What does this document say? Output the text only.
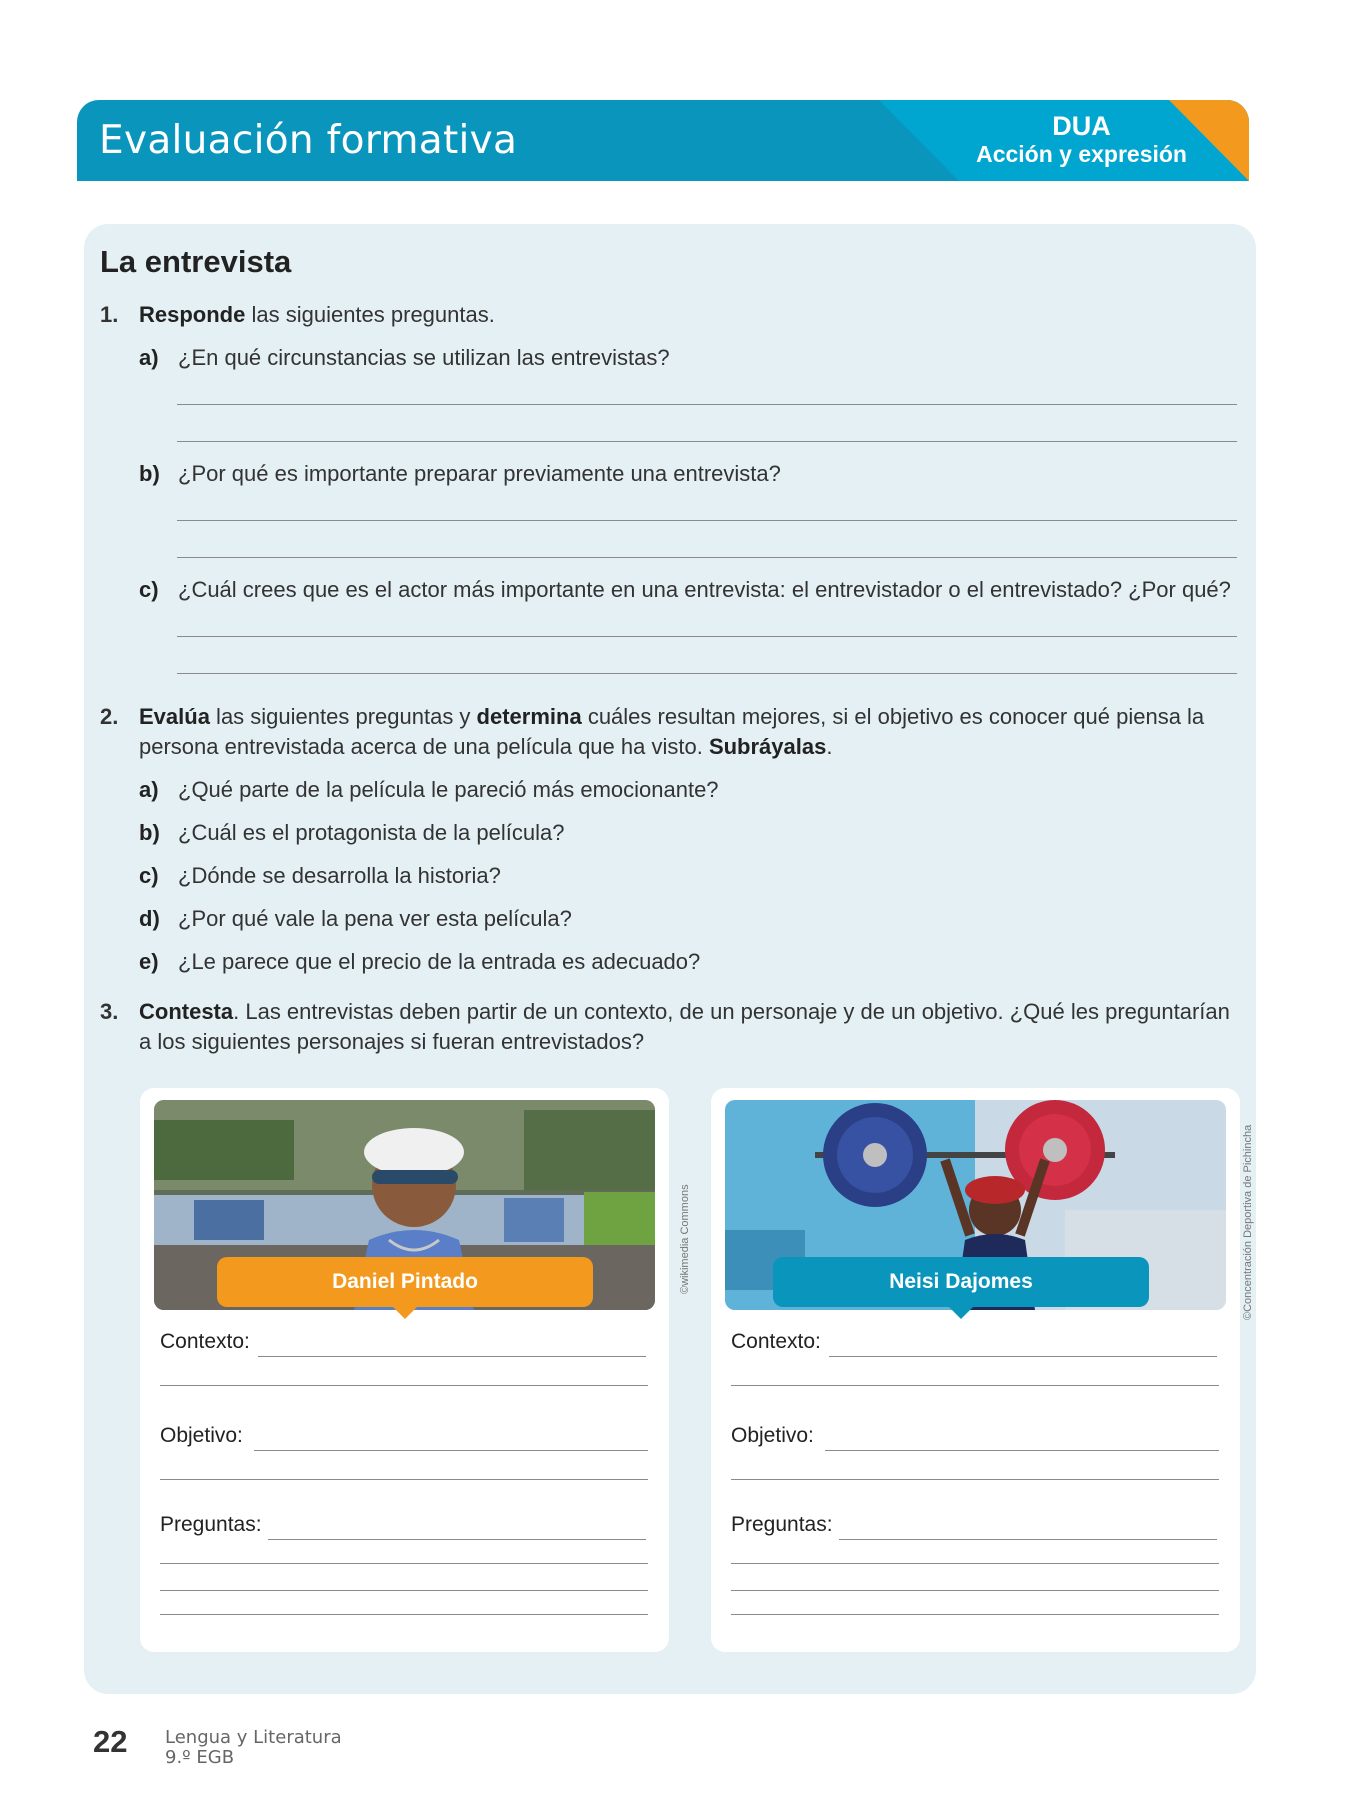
Evaluación formativa	DUA
Acción y expresión
La entrevista
1. Responde las siguientes preguntas.
a) ¿En qué circunstancias se utilizan las entrevistas?
b) ¿Por qué es importante preparar previamente una entrevista?
c) ¿Cuál crees que es el actor más importante en una entrevista: el entrevistador o el entrevistado? ¿Por qué?
2. Evalúa las siguientes preguntas y determina cuáles resultan mejores, si el objetivo es conocer qué piensa la persona entrevistada acerca de una película que ha visto. Subráyalas.
a) ¿Qué parte de la película le pareció más emocionante?
b) ¿Cuál es el protagonista de la película?
c) ¿Dónde se desarrolla la historia?
d) ¿Por qué vale la pena ver esta película?
e) ¿Le parece que el precio de la entrada es adecuado?
3. Contesta. Las entrevistas deben partir de un contexto, de un personaje y de un objetivo. ¿Qué les preguntarían a los siguientes personajes si fueran entrevistados?
Daniel Pintado
Contexto:
Objetivo:
Preguntas:
©wikimedia Commons	Neisi Dajomes
Contexto:
Objetivo:
Preguntas:
©Concentración Deportiva de Pichincha
22 Lengua y Literatura
9.º EGB
